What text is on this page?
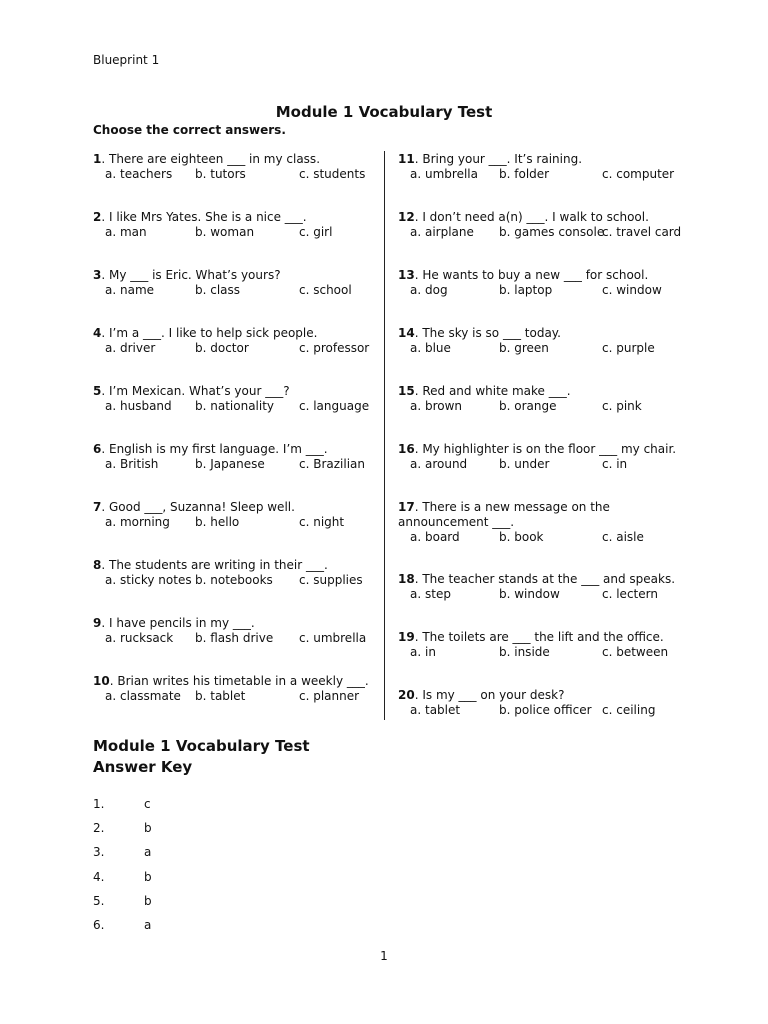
Blueprint 1
Module 1 Vocabulary Test
Choose the correct answers.
1. There are eighteen ___ in my class.
a. teachers b. tutors	c. students
2. I like Mrs Yates. She is a nice ___.
a. man	b. woman	c. girl
3. My ___ is Eric. What’s yours?
a. name	b. class	c. school
4. I’m a ___. I like to help sick people.
a. driver	b. doctor	c. professor
5. I’m Mexican. What’s your ___?
a. husband b. nationality c. language
6. English is my first language. I’m ___.
a. British	b. Japanese	c. Brazilian
7. Good ___, Suzanna! Sleep well.
a. morning b. hello	c. night
8. The students are writing in their ___.
a. sticky notes b. notebooks c. supplies
9. I have pencils in my ___.
a. rucksack b. flash drive c. umbrella
10. Brian writes his timetable in a weekly ___.
a. classmate b. tablet	c. planner
11. Bring your ___. It’s raining.
a. umbrella b. folder	c. computer
12. I don’t need a(n) ___. I walk to school.
a. airplane b. games console
c. travel card
13. He wants to buy a new ___ for school.
a. dog	b. laptop	c. window
14. The sky is so ___ today.
a. blue	b. green	c. purple
15. Red and white make ___.
a. brown	b. orange	c. pink
16. My highlighter is on the floor ___ my chair.
a. around	b. under	c. in
17. There is a new message on the announcement ___.
a. board	b. book	c. aisle
18. The teacher stands at the ___ and speaks.
a. step	b. window	c. lectern
19. The toilets are ___ the lift and the office.
a. in	b. inside	c. between
20. Is my ___ on your desk?
a. tablet	b. police officer c. ceiling
Module 1 Vocabulary Test
Answer Key
1.	c
2.	b
3.	a
4.	b
5.	b
6.	a
1
